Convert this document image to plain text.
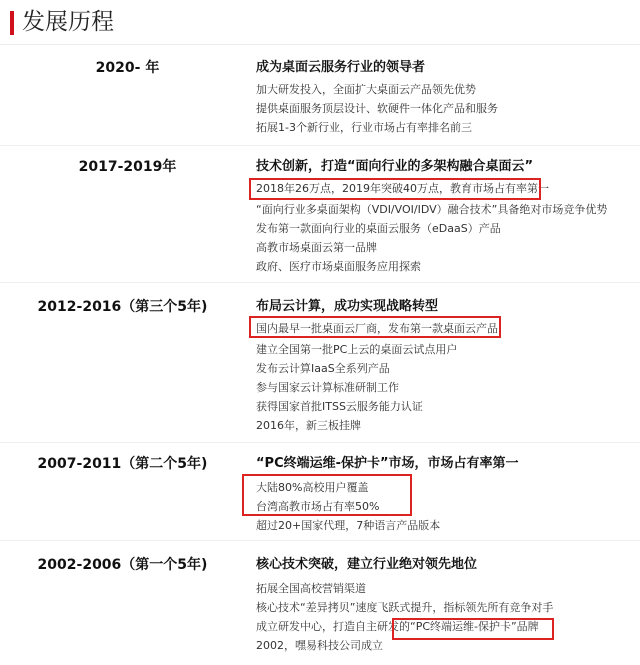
发展历程
2020- 年	成为桌面云服务行业的领导者
加大研发投入，全面扩大桌面云产品领先优势
提供桌面服务顶层设计、软硬件一体化产品和服务
拓展1-3个新行业，行业市场占有率排名前三
2017-2019年	技术创新，打造“面向行业的多架构融合桌面云”
2018年26万点，2019年突破40万点，教育市场占有率第一
“面向行业多桌面架构（VDI/VOI/IDV）融合技术”具备绝对市场竞争优势
发布第一款面向行业的桌面云服务（eDaaS）产品
高教市场桌面云第一品牌
政府、医疗市场桌面服务应用探索
2012-2016（第三个5年)	布局云计算，成功实现战略转型
国内最早一批桌面云厂商，发布第一款桌面云产品
建立全国第一批PC上云的桌面云试点用户
发布云计算IaaS全系列产品
参与国家云计算标准研制工作
获得国家首批ITSS云服务能力认证
2016年，新三板挂牌
2007-2011（第二个5年)	“PC终端运维-保护卡”市场，市场占有率第一
大陆80%高校用户覆盖
台湾高教市场占有率50%
超过20+国家代理，7种语言产品版本
2002-2006（第一个5年)	核心技术突破，建立行业绝对领先地位
拓展全国高校营销渠道
核心技术“差异拷贝”速度飞跃式提升，指标领先所有竞争对手
成立研发中心，打造自主研发的“PC终端运维-保护卡”品牌
2002，嘿易科技公司成立
